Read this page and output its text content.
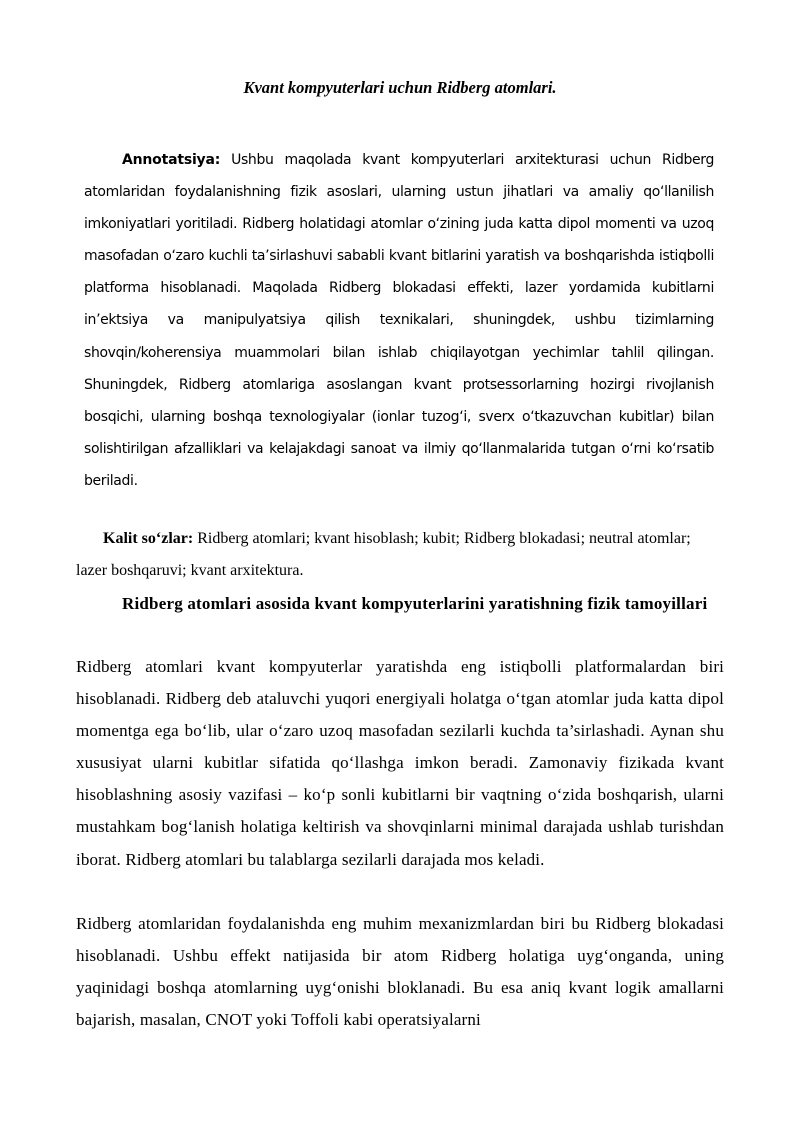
Kvant kompyuterlari uchun Ridberg atomlari.

Annotatsiya: Ushbu maqolada kvant kompyuterlari arxitekturasi uchun Ridberg atomlaridan foydalanishning fizik asoslari, ularning ustun jihatlari va amaliy qo‘llanilish imkoniyatlari yoritiladi. Ridberg holatidagi atomlar o‘zining juda katta dipol momenti va uzoq masofadan o‘zaro kuchli ta’sirlashuvi sababli kvant bitlarini yaratish va boshqarishda istiqbolli platforma hisoblanadi. Maqolada Ridberg blokadasi effekti, lazer yordamida kubitlarni in’ektsiya va manipulyatsiya qilish texnikalari, shuningdek, ushbu tizimlarning shovqin/koherensiya muammolari bilan ishlab chiqilayotgan yechimlar tahlil qilingan. Shuningdek, Ridberg atomlariga asoslangan kvant protsessorlarning hozirgi rivojlanish bosqichi, ularning boshqa texnologiyalar (ionlar tuzog‘i, sverx o‘tkazuvchan kubitlar) bilan solishtirilgan afzalliklari va kelajakdagi sanoat va ilmiy qo‘llanmalarida tutgan o‘rni ko‘rsatib beriladi.

Kalit so‘zlar: Ridberg atomlari; kvant hisoblash; kubit; Ridberg blokadasi; neutral atomlar; lazer boshqaruvi; kvant arxitektura.

Ridberg atomlari asosida kvant kompyuterlarini yaratishning fizik tamoyillari

Ridberg atomlari kvant kompyuterlar yaratishda eng istiqbolli platformalardan biri hisoblanadi. Ridberg deb ataluvchi yuqori energiyali holatga o‘tgan atomlar juda katta dipol momentga ega bo‘lib, ular o‘zaro uzoq masofadan sezilarli kuchda ta’sirlashadi. Aynan shu xususiyat ularni kubitlar sifatida qo‘llashga imkon beradi. Zamonaviy fizikada kvant hisoblashning asosiy vazifasi – ko‘p sonli kubitlarni bir vaqtning o‘zida boshqarish, ularni mustahkam bog‘lanish holatiga keltirish va shovqinlarni minimal darajada ushlab turishdan iborat. Ridberg atomlari bu talablarga sezilarli darajada mos keladi.

Ridberg atomlaridan foydalanishda eng muhim mexanizmlardan biri bu Ridberg blokadasi hisoblanadi. Ushbu effekt natijasida bir atom Ridberg holatiga uyg‘onganda, uning yaqinidagi boshqa atomlarning uyg‘onishi bloklanadi. Bu esa aniq kvant logik amallarni bajarish, masalan, CNOT yoki Toffoli kabi operatsiyalarni
